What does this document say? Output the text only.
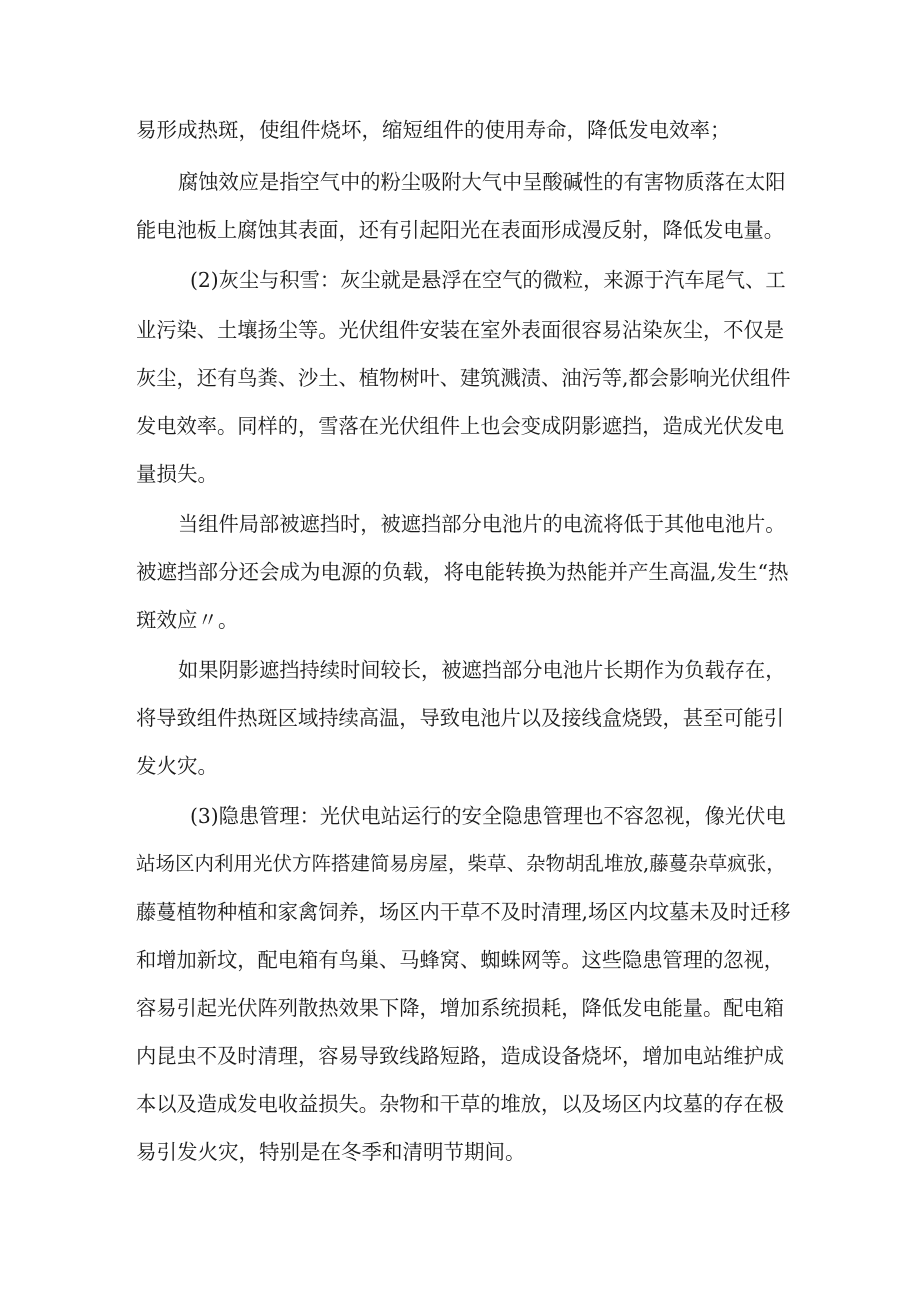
易形成热斑，使组件烧坏，缩短组件的使用寿命，降低发电效率；
腐蚀效应是指空气中的粉尘吸附大气中呈酸碱性的有害物质落在太阳
能电池板上腐蚀其表面，还有引起阳光在表面形成漫反射，降低发电量。
(2)灰尘与积雪：灰尘就是悬浮在空气的微粒，来源于汽车尾气、工
业污染、土壤扬尘等。光伏组件安装在室外表面很容易沾染灰尘，不仅是
灰尘，还有鸟粪、沙土、植物树叶、建筑溅渍、油污等,都会影响光伏组件
发电效率。同样的，雪落在光伏组件上也会变成阴影遮挡，造成光伏发电
量损失。
当组件局部被遮挡时，被遮挡部分电池片的电流将低于其他电池片。
被遮挡部分还会成为电源的负载，将电能转换为热能并产生高温,发生“热
斑效应〃。
如果阴影遮挡持续时间较长，被遮挡部分电池片长期作为负载存在，
将导致组件热斑区域持续高温，导致电池片以及接线盒烧毁，甚至可能引
发火灾。
(3)隐患管理：光伏电站运行的安全隐患管理也不容忽视，像光伏电
站场区内利用光伏方阵搭建简易房屋，柴草、杂物胡乱堆放,藤蔓杂草疯张，
藤蔓植物种植和家禽饲养，场区内干草不及时清理,场区内坟墓未及时迁移
和增加新坟，配电箱有鸟巢、马蜂窝、蜘蛛网等。这些隐患管理的忽视，
容易引起光伏阵列散热效果下降，增加系统损耗，降低发电能量。配电箱
内昆虫不及时清理，容易导致线路短路，造成设备烧坏，增加电站维护成
本以及造成发电收益损失。杂物和干草的堆放，以及场区内坟墓的存在极
易引发火灾，特别是在冬季和清明节期间。
